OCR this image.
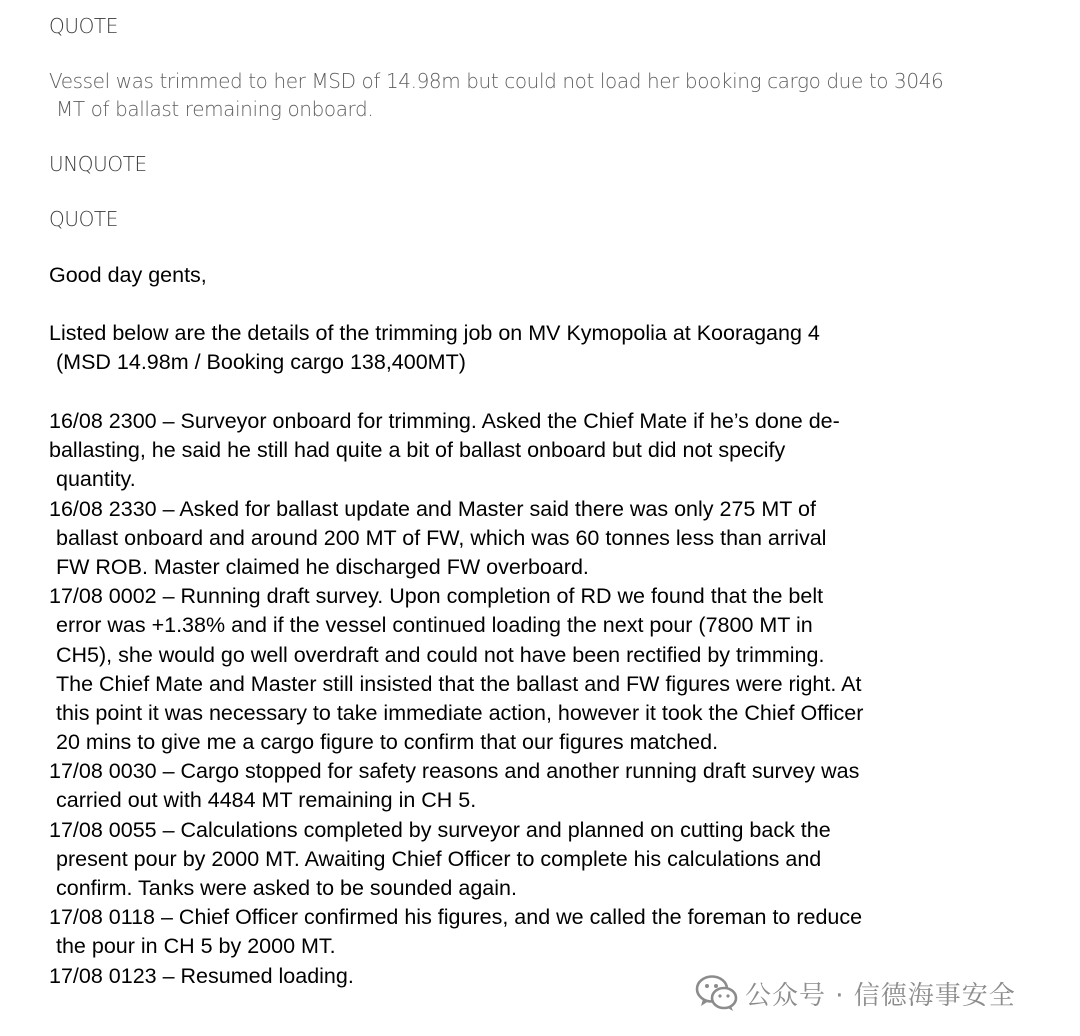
QUOTE
Vessel was trimmed to her MSD of 14.98m but could not load her booking cargo due to 3046
MT of ballast remaining onboard.
UNQUOTE
QUOTE
Good day gents,
Listed below are the details of the trimming job on MV Kymopolia at Kooragang 4
(MSD 14.98m / Booking cargo 138,400MT)
16/08 2300 – Surveyor onboard for trimming. Asked the Chief Mate if he’s done de-
ballasting, he said he still had quite a bit of ballast onboard but did not specify
quantity.
16/08 2330 – Asked for ballast update and Master said there was only 275 MT of
ballast onboard and around 200 MT of FW, which was 60 tonnes less than arrival
FW ROB. Master claimed he discharged FW overboard.
17/08 0002 – Running draft survey. Upon completion of RD we found that the belt
error was +1.38% and if the vessel continued loading the next pour (7800 MT in
CH5), she would go well overdraft and could not have been rectified by trimming.
The Chief Mate and Master still insisted that the ballast and FW figures were right. At
this point it was necessary to take immediate action, however it took the Chief Officer
20 mins to give me a cargo figure to confirm that our figures matched.
17/08 0030 – Cargo stopped for safety reasons and another running draft survey was
carried out with 4484 MT remaining in CH 5.
17/08 0055 – Calculations completed by surveyor and planned on cutting back the
present pour by 2000 MT. Awaiting Chief Officer to complete his calculations and
confirm. Tanks were asked to be sounded again.
17/08 0118 – Chief Officer confirmed his figures, and we called the foreman to reduce
the pour in CH 5 by 2000 MT.
17/08 0123 – Resumed loading.
公众号 · 信德海事安全
